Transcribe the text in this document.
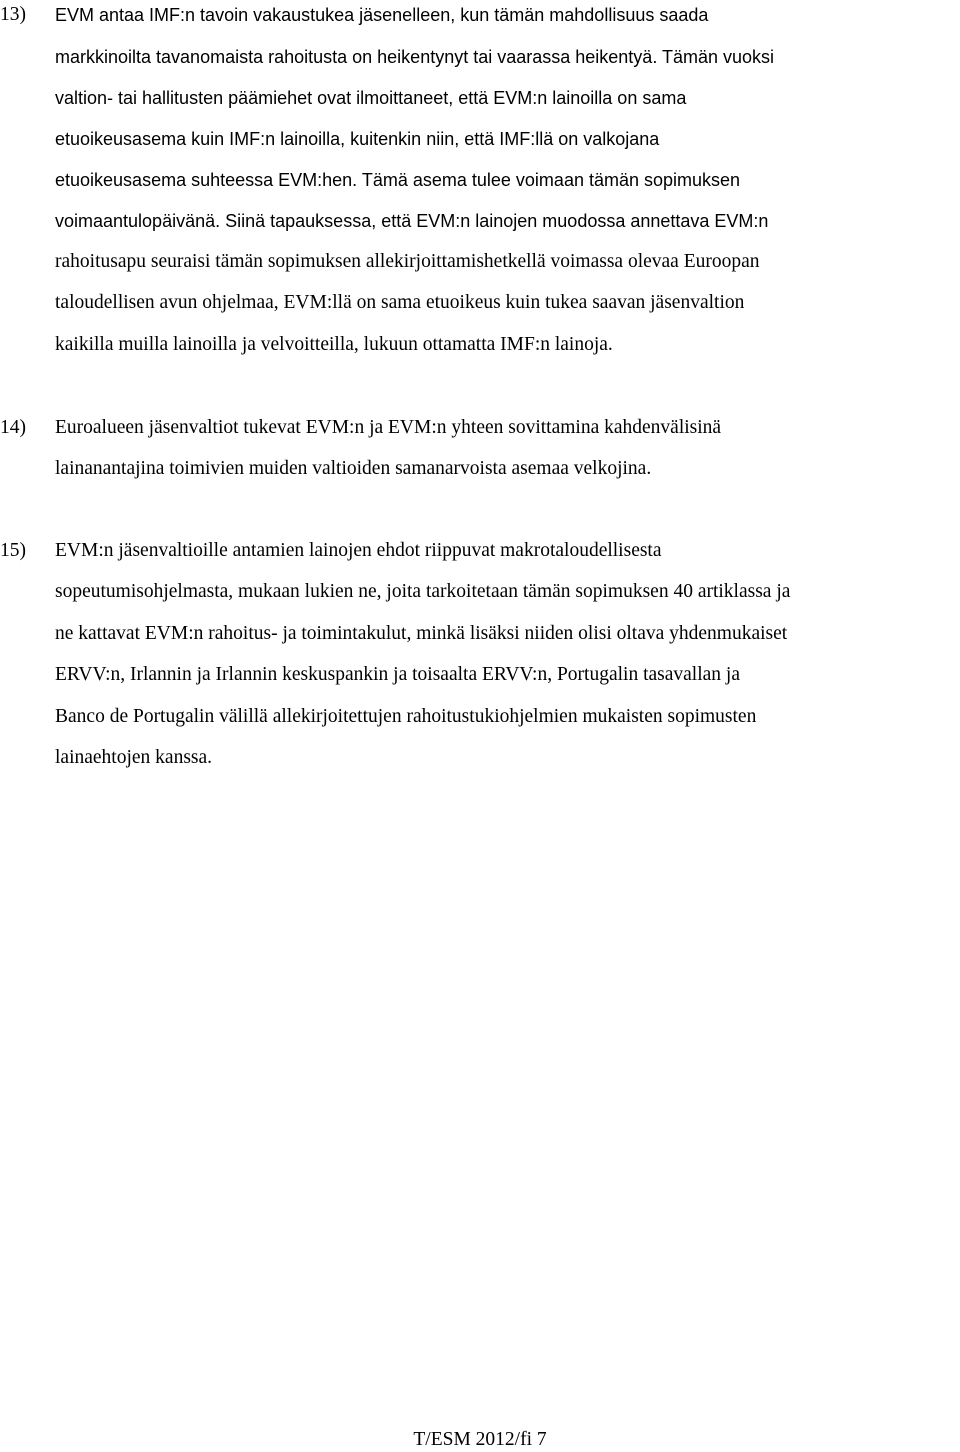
13) EVM antaa IMF:n tavoin vakaustukea jäsenelleen, kun tämän mahdollisuus saada
markkinoilta tavanomaista rahoitusta on heikentynyt tai vaarassa heikentyä. Tämän vuoksi
valtion- tai hallitusten päämiehet ovat ilmoittaneet, että EVM:n lainoilla on sama
etuoikeusasema kuin IMF:n lainoilla, kuitenkin niin, että IMF:llä on valkojana
etuoikeusasema suhteessa EVM:hen. Tämä asema tulee voimaan tämän sopimuksen
voimaantulopäivänä. Siinä tapauksessa, että EVM:n lainojen muodossa annettava EVM:n
rahoitusapu seuraisi tämän sopimuksen allekirjoittamishetkellä voimassa olevaa Euroopan
taloudellisen avun ohjelmaa, EVM:llä on sama etuoikeus kuin tukea saavan jäsenvaltion
kaikilla muilla lainoilla ja velvoitteilla, lukuun ottamatta IMF:n lainoja.
14) Euroalueen jäsenvaltiot tukevat EVM:n ja EVM:n yhteen sovittamina kahdenvälisinä
lainanantajina toimivien muiden valtioiden samanarvoista asemaa velkojina.
15) EVM:n jäsenvaltioille antamien lainojen ehdot riippuvat makrotaloudellisesta
sopeutumisohjelmasta, mukaan lukien ne, joita tarkoitetaan tämän sopimuksen 40 artiklassa ja
ne kattavat EVM:n rahoitus- ja toimintakulut, minkä lisäksi niiden olisi oltava yhdenmukaiset
ERVV:n, Irlannin ja Irlannin keskuspankin ja toisaalta ERVV:n, Portugalin tasavallan ja
Banco de Portugalin välillä allekirjoitettujen rahoitustukiohjelmien mukaisten sopimusten
lainaehtojen kanssa.
T/ESM 2012/fi 7
